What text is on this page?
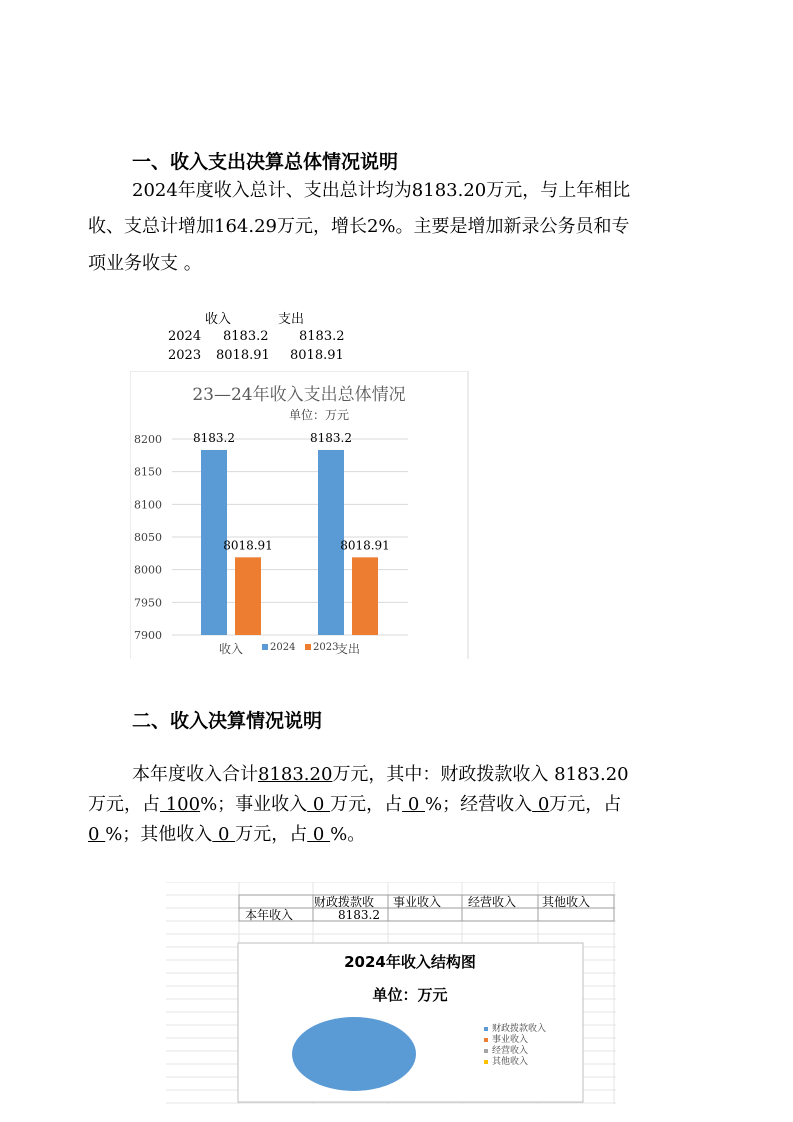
一、收入支出决算总体情况说明
2024年度收入总计、支出总计均为8183.20万元，与上年相比
收、支总计增加164.29万元，增长2%。主要是增加新录公务员和专
项业务收支 。
收入	支出
2024 8183.2 8183.2
2023 8018.91 8018.91
23—24年收入支出总体情况
单位：万元
8200
8150
8100
8050
8000
7950
7900
8183.2
8018.91
8183.2
8018.91
收入	支出
2024 2023
二、收入决算情况说明
本年度收入合计8183.20万元，其中：财政拨款收入 8183.20
万元，占 100%；事业收入 0 万元，占 0 %；经营收入 0万元，占
0 %；其他收入 0 万元，占 0 %。
财政拨款收 事业收入 经营收入 其他收入
本年收入	8183.2
2024年收入结构图
单位：万元
财政拨款收入
事业收入
经营收入
其他收入
